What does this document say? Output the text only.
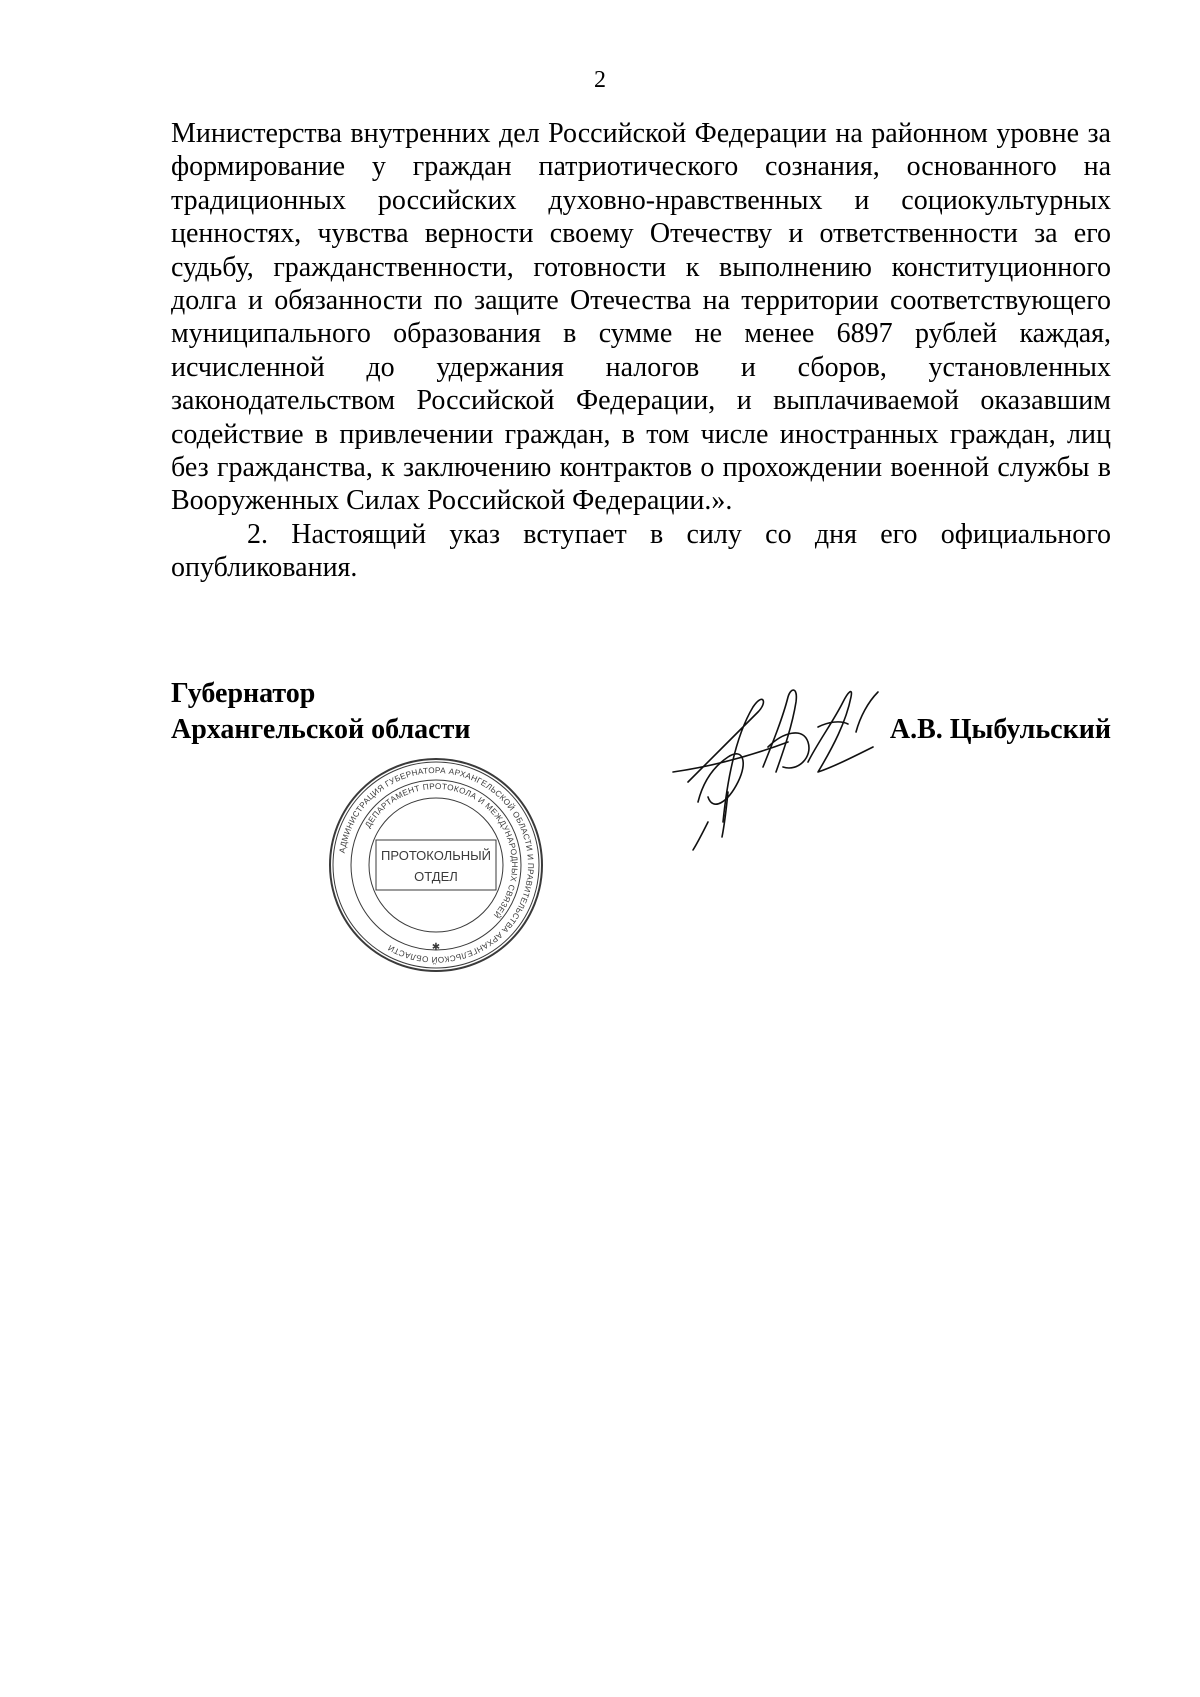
2

Министерства внутренних дел Российской Федерации на районном уровне за формирование у граждан патриотического сознания, основанного на традиционных российских духовно-нравственных и социокультурных ценностях, чувства верности своему Отечеству и ответственности за его судьбу, гражданственности, готовности к выполнению конституционного долга и обязанности по защите Отечества на территории соответствующего муниципального образования в сумме не менее 6897 рублей каждая, исчисленной до удержания налогов и сборов, установленных законодательством Российской Федерации, и выплачиваемой оказавшим содействие в привлечении граждан, в том числе иностранных граждан, лиц без гражданства, к заключению контрактов о прохождении военной службы в Вооруженных Силах Российской Федерации.».

2. Настоящий указ вступает в силу со дня его официального опубликования.

Губернатор
Архангельской области	А.В. Цыбульский
АДМИНИСТРАЦИЯ ГУБЕРНАТОРА АРХАНГЕЛЬСКОЙ ОБЛАСТИ И ПРАВИТЕЛЬСТВА АРХАНГЕЛЬСКОЙ ОБЛАСТИ
ДЕПАРТАМЕНТ ПРОТОКОЛА И МЕЖДУНАРОДНЫХ СВЯЗЕЙ
ПРОТОКОЛЬНЫЙ
ОТДЕЛ
✱
